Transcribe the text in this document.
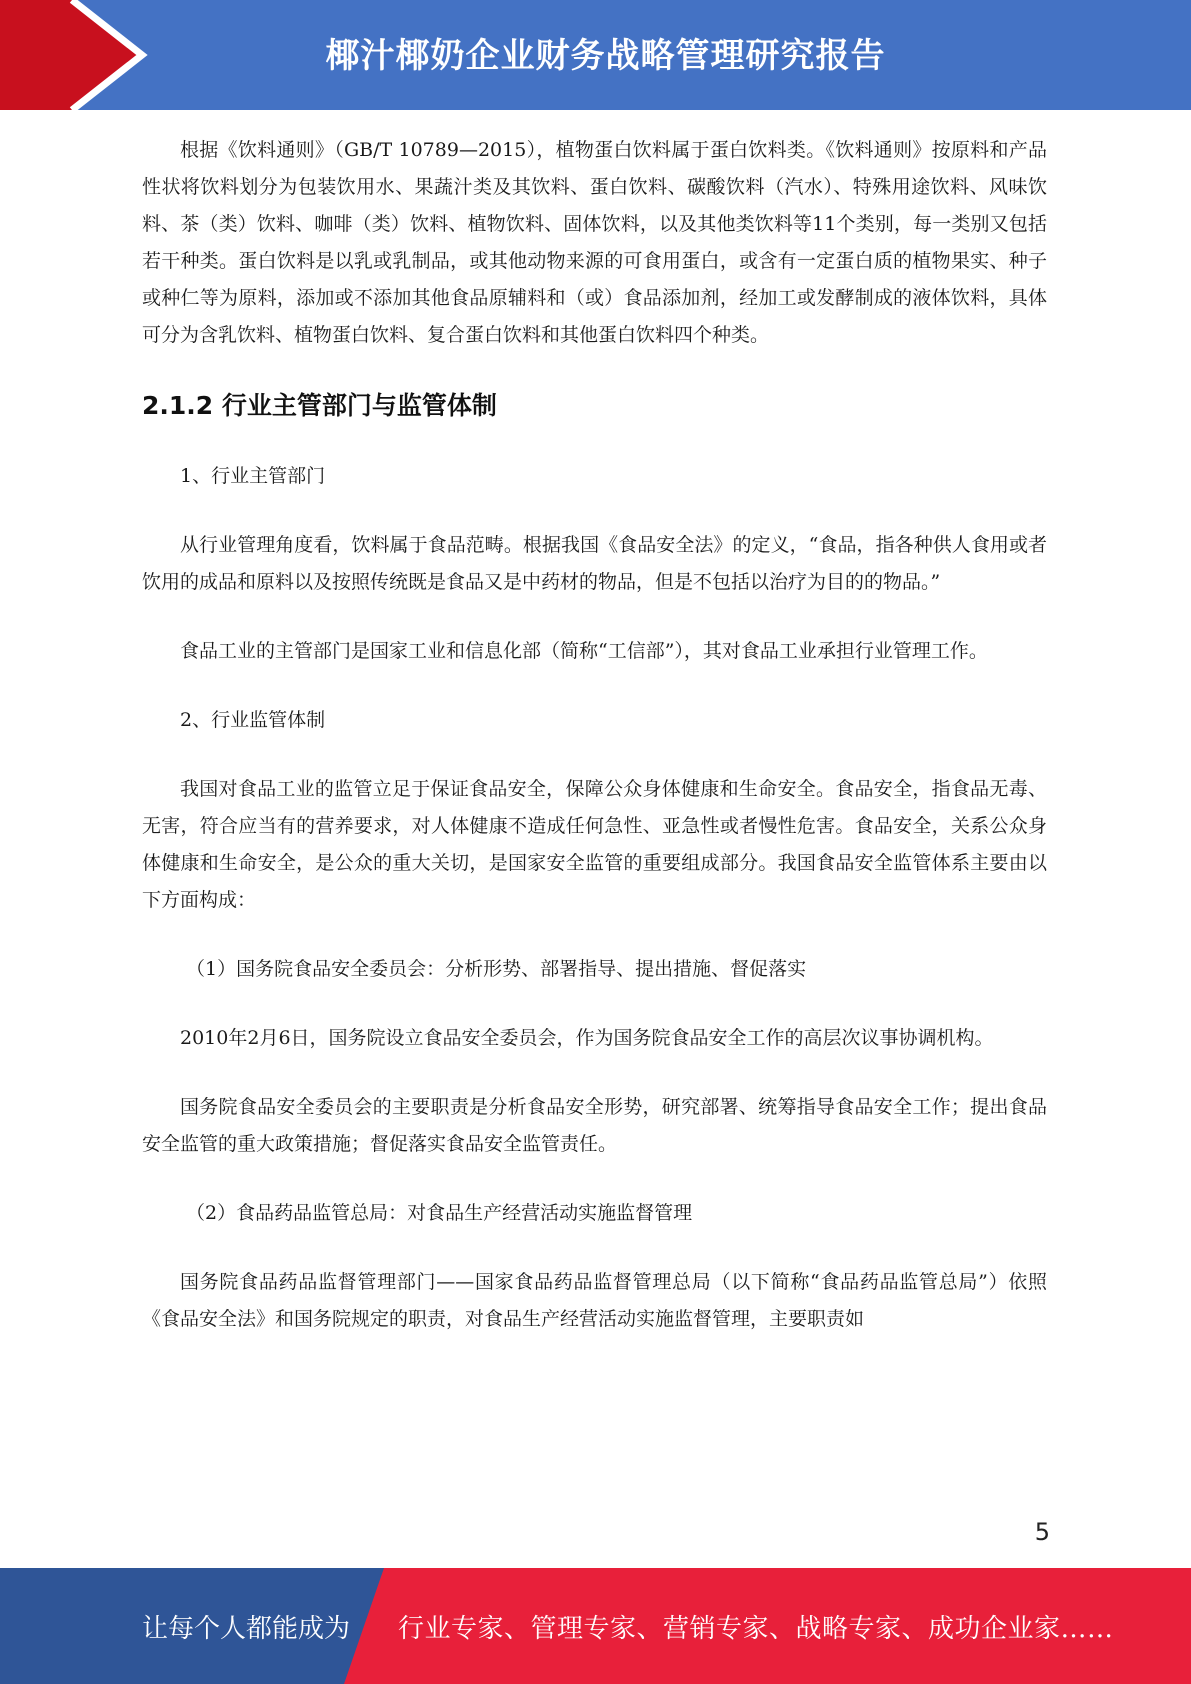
椰汁椰奶企业财务战略管理研究报告

根据《饮料通则》（GB/T 10789—2015），植物蛋白饮料属于蛋白饮料类。《饮料通则》按原料和产品性状将饮料划分为包装饮用水、果蔬汁类及其饮料、蛋白饮料、碳酸饮料（汽水）、特殊用途饮料、风味饮料、茶（类）饮料、咖啡（类）饮料、植物饮料、固体饮料，以及其他类饮料等11个类别，每一类别又包括若干种类。蛋白饮料是以乳或乳制品，或其他动物来源的可食用蛋白，或含有一定蛋白质的植物果实、种子或种仁等为原料，添加或不添加其他食品原辅料和（或）食品添加剂，经加工或发酵制成的液体饮料，具体可分为含乳饮料、植物蛋白饮料、复合蛋白饮料和其他蛋白饮料四个种类。

2.1.2 行业主管部门与监管体制

1、行业主管部门

从行业管理角度看，饮料属于食品范畴。根据我国《食品安全法》的定义，“食品，指各种供人食用或者饮用的成品和原料以及按照传统既是食品又是中药材的物品，但是不包括以治疗为目的的物品。”

食品工业的主管部门是国家工业和信息化部（简称“工信部”），其对食品工业承担行业管理工作。

2、行业监管体制

我国对食品工业的监管立足于保证食品安全，保障公众身体健康和生命安全。食品安全，指食品无毒、无害，符合应当有的营养要求，对人体健康不造成任何急性、亚急性或者慢性危害。食品安全，关系公众身体健康和生命安全，是公众的重大关切，是国家安全监管的重要组成部分。我国食品安全监管体系主要由以下方面构成：

（1）国务院食品安全委员会：分析形势、部署指导、提出措施、督促落实

2010年2月6日，国务院设立食品安全委员会，作为国务院食品安全工作的高层次议事协调机构。

国务院食品安全委员会的主要职责是分析食品安全形势，研究部署、统筹指导食品安全工作；提出食品安全监管的重大政策措施；督促落实食品安全监管责任。

（2）食品药品监管总局：对食品生产经营活动实施监督管理

国务院食品药品监督管理部门——国家食品药品监督管理总局（以下简称“食品药品监管总局”）依照《食品安全法》和国务院规定的职责，对食品生产经营活动实施监督管理，主要职责如

5
让每个人都能成为 行业专家、管理专家、营销专家、战略专家、成功企业家……
